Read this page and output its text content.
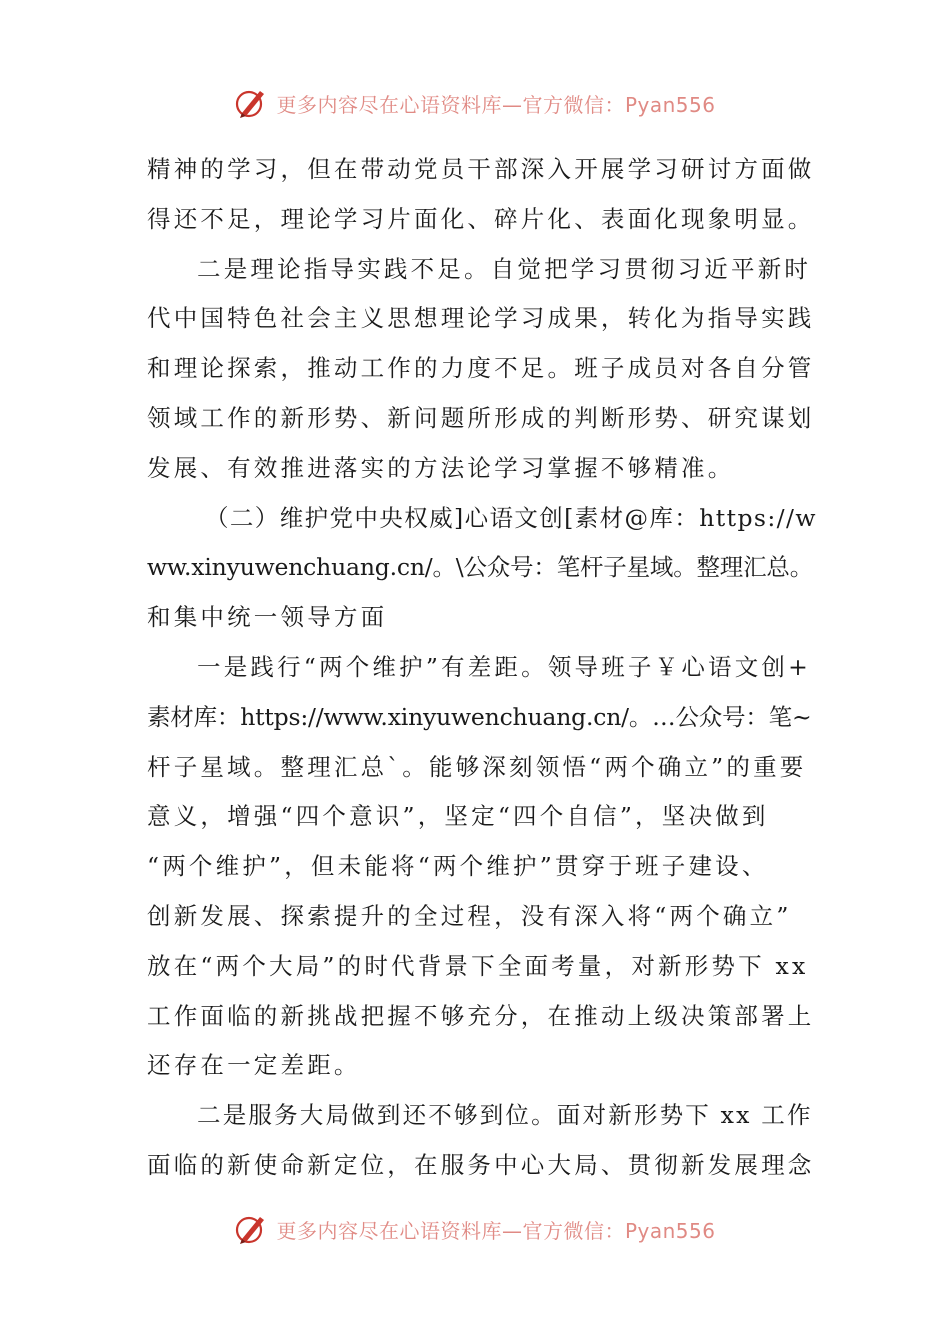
更多内容尽在心语资料库—官方微信：Pyan556
精神的学习，但在带动党员干部深入开展学习研讨方面做
得还不足，理论学习片面化、碎片化、表面化现象明显。
二是理论指导实践不足。自觉把学习贯彻习近平新时
代中国特色社会主义思想理论学习成果，转化为指导实践
和理论探索，推动工作的力度不足。班子成员对各自分管
领域工作的新形势、新问题所形成的判断形势、研究谋划
发展、有效推进落实的方法论学习掌握不够精准。
（二）维护党中央权威]心语文创[素材@库：https://w
ww.xinyuwenchuang.cn/。\公众号：笔杆子星域。整理汇总。
和集中统一领导方面
一是践行“两个维护”有差距。领导班子￥心语文创+
素材库：https://www.xinyuwenchuang.cn/。…公众号：笔~
杆子星域。整理汇总`。能够深刻领悟“两个确立”的重要
意义，增强“四个意识”，坚定“四个自信”，坚决做到
“两个维护”，但未能将“两个维护”贯穿于班子建设、
创新发展、探索提升的全过程，没有深入将“两个确立”
放在“两个大局”的时代背景下全面考量，对新形势下 xx
工作面临的新挑战把握不够充分，在推动上级决策部署上
还存在一定差距。
二是服务大局做到还不够到位。面对新形势下 xx 工作
面临的新使命新定位，在服务中心大局、贯彻新发展理念
更多内容尽在心语资料库—官方微信：Pyan556
